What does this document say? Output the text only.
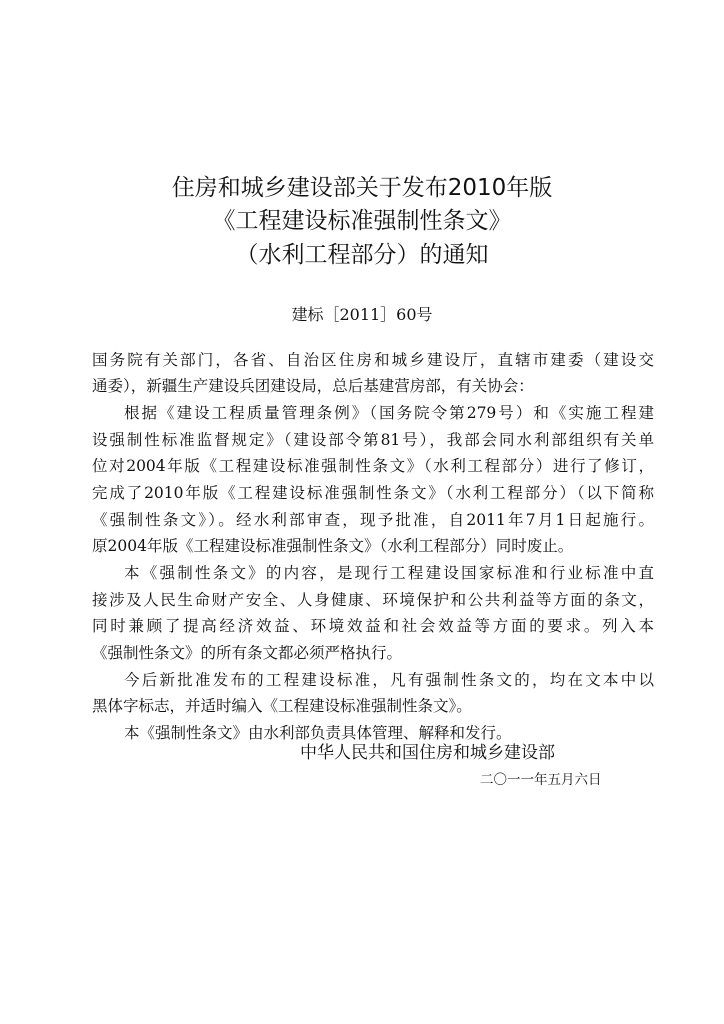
住房和城乡建设部关于发布2010年版
《工程建设标准强制性条文》
（水利工程部分）的通知
建标［2011］60号
国务院有关部门，各省、自治区住房和城乡建设厅，直辖市建委（建设交
通委），新疆生产建设兵团建设局，总后基建营房部，有关协会：
根据《建设工程质量管理条例》（国务院令第279号）和《实施工程建
设强制性标准监督规定》（建设部令第81号），我部会同水利部组织有关单
位对2004年版《工程建设标准强制性条文》（水利工程部分）进行了修订，
完成了2010年版《工程建设标准强制性条文》（水利工程部分）（以下简称
《强制性条文》）。经水利部审查，现予批准，自2011年7月1日起施行。
原2004年版《工程建设标准强制性条文》（水利工程部分）同时废止。
本《强制性条文》的内容，是现行工程建设国家标准和行业标准中直
接涉及人民生命财产安全、人身健康、环境保护和公共利益等方面的条文，
同时兼顾了提高经济效益、环境效益和社会效益等方面的要求。列入本
《强制性条文》的所有条文都必须严格执行。
今后新批准发布的工程建设标准，凡有强制性条文的，均在文本中以
黑体字标志，并适时编入《工程建设标准强制性条文》。
本《强制性条文》由水利部负责具体管理、解释和发行。
中华人民共和国住房和城乡建设部
二〇一一年五月六日
